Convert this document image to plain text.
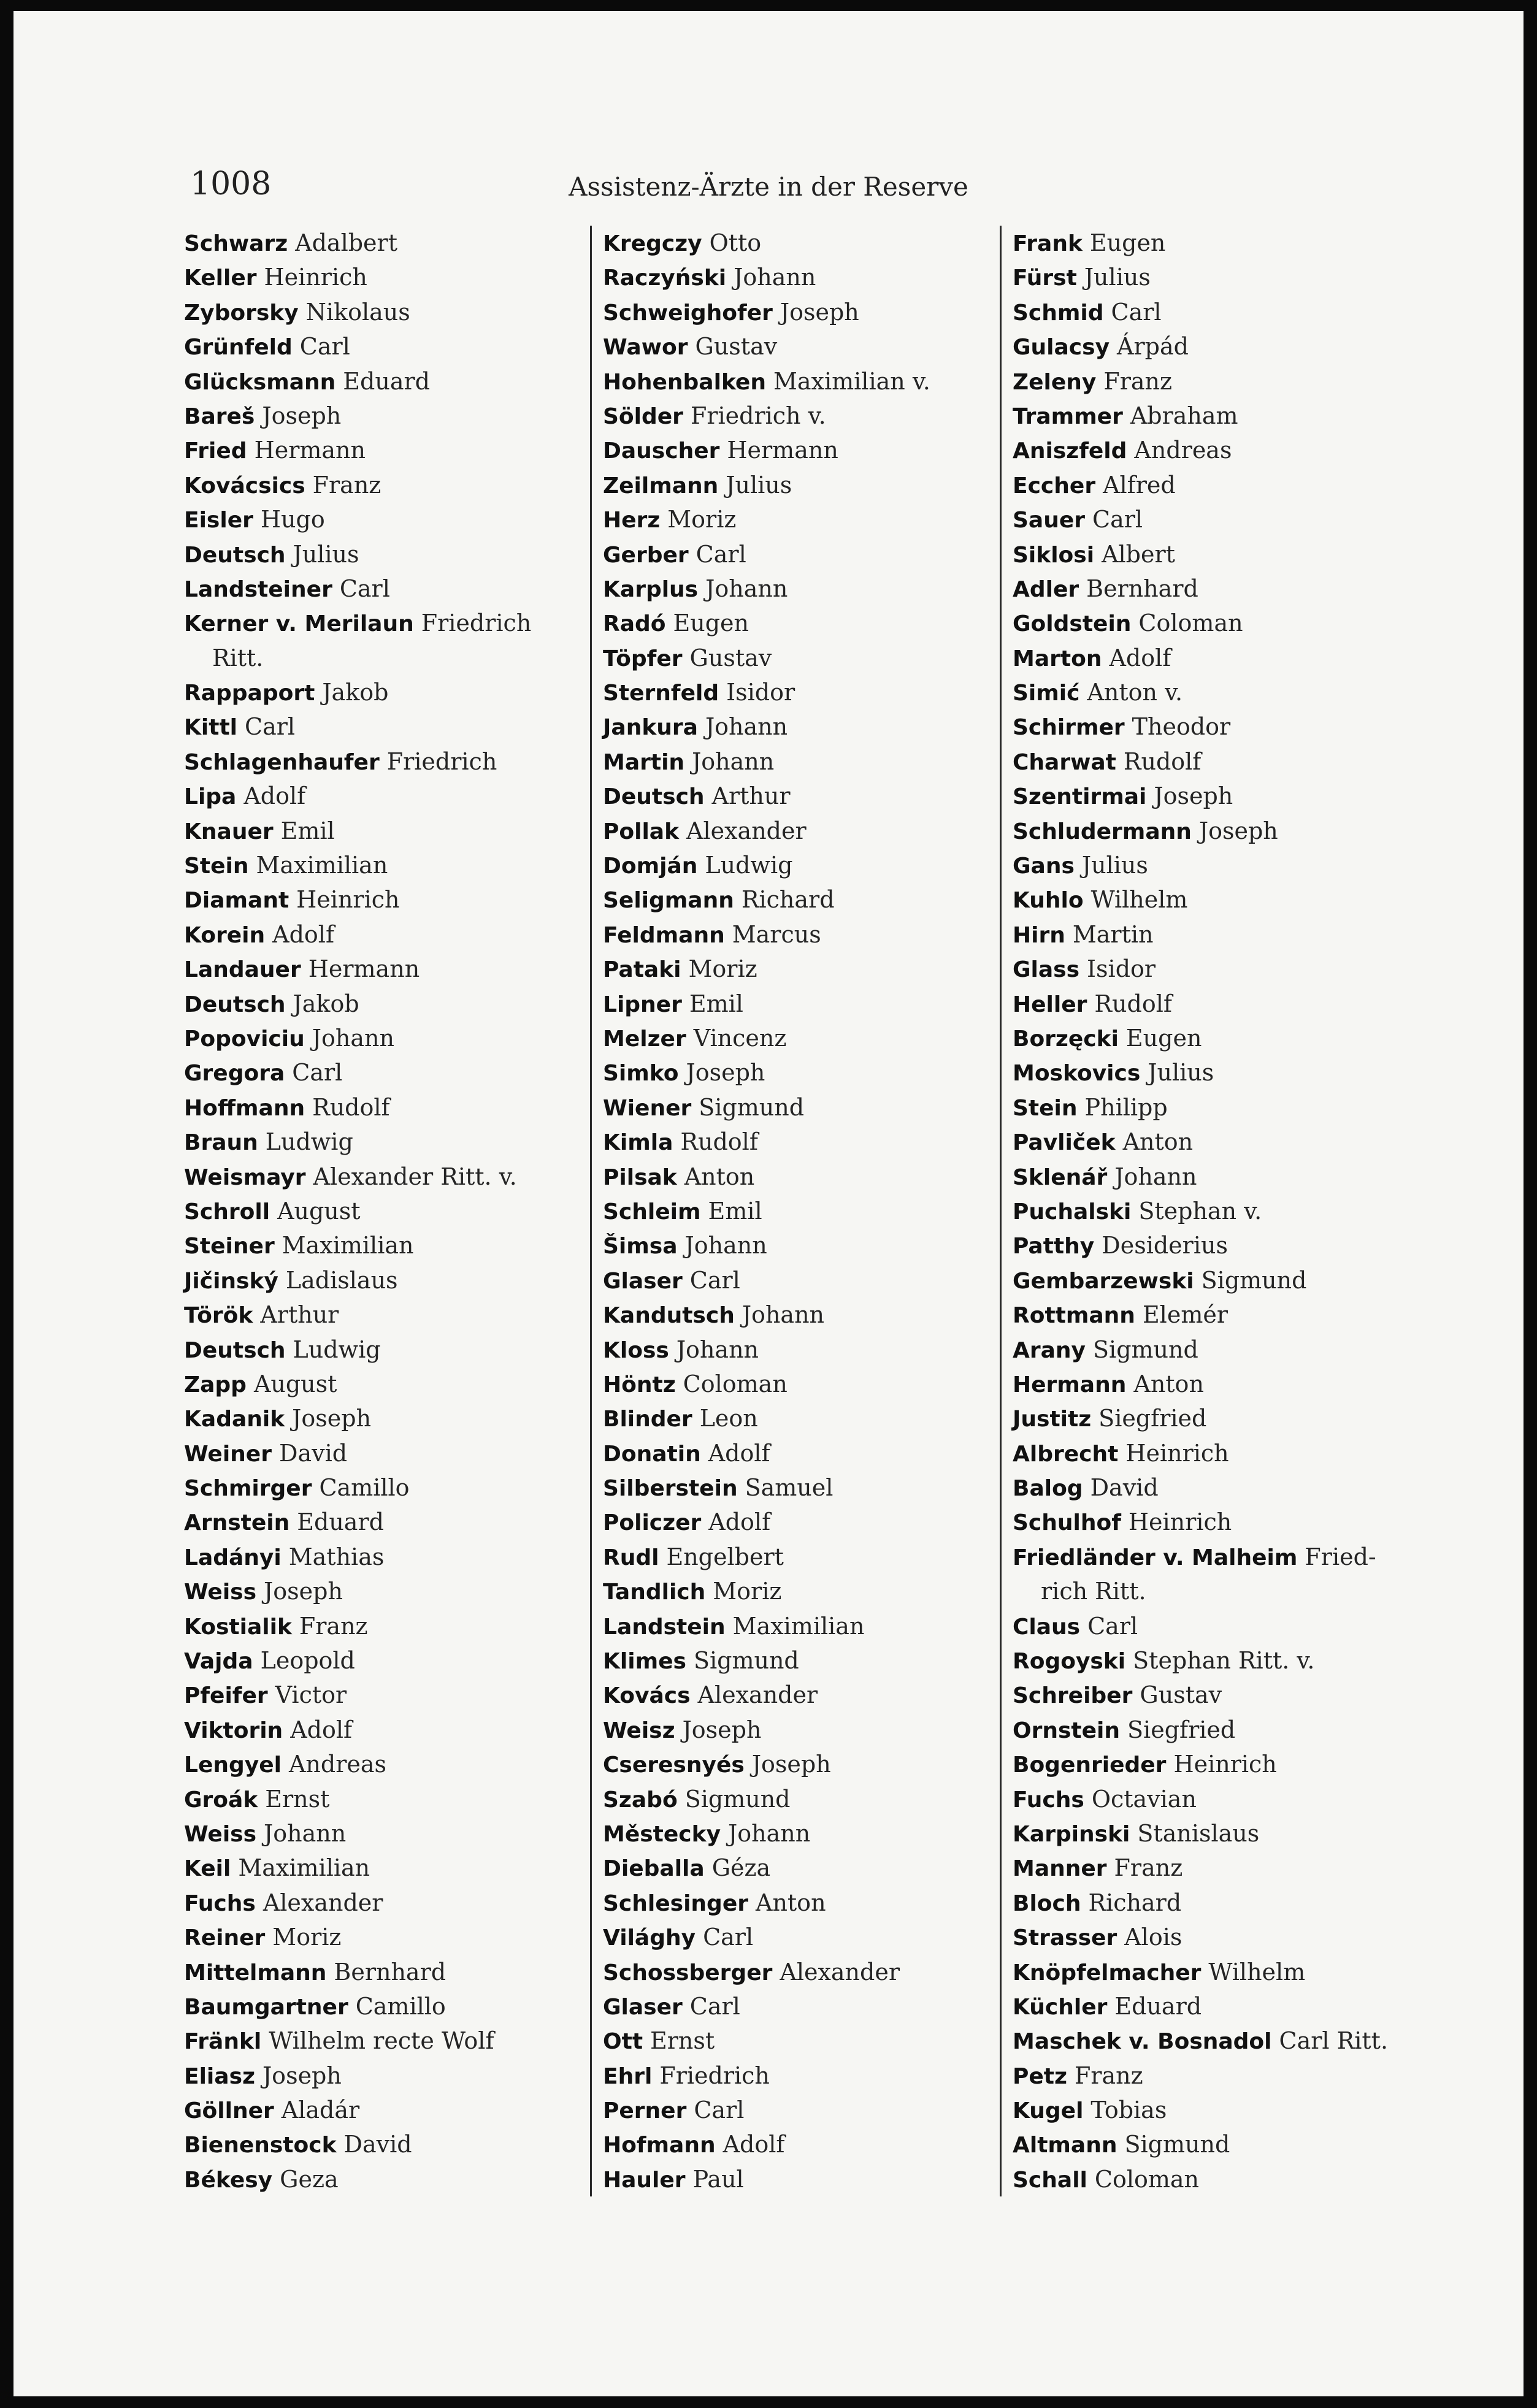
1008	Assistenz-Ärzte in der Reserve
Schwarz Adalbert
Keller Heinrich
Zyborsky Nikolaus
Grünfeld Carl
Glücksmann Eduard
Bareš Joseph
Fried Hermann
Kovácsics Franz
Eisler Hugo
Deutsch Julius
Landsteiner Carl
Kerner v. Merilaun Friedrich
Ritt.
Rappaport Jakob
Kittl Carl
Schlagenhaufer Friedrich
Lipa Adolf
Knauer Emil
Stein Maximilian
Diamant Heinrich
Korein Adolf
Landauer Hermann
Deutsch Jakob
Popoviciu Johann
Gregora Carl
Hoffmann Rudolf
Braun Ludwig
Weismayr Alexander Ritt. v.
Schroll August
Steiner Maximilian
Jičinský Ladislaus
Török Arthur
Deutsch Ludwig
Zapp August
Kadanik Joseph
Weiner David
Schmirger Camillo
Arnstein Eduard
Ladányi Mathias
Weiss Joseph
Kostialik Franz
Vajda Leopold
Pfeifer Victor
Viktorin Adolf
Lengyel Andreas
Groák Ernst
Weiss Johann
Keil Maximilian
Fuchs Alexander
Reiner Moriz
Mittelmann Bernhard
Baumgartner Camillo
Fränkl Wilhelm recte Wolf
Eliasz Joseph
Göllner Aladár
Bienenstock David
Békesy Geza
Kregczy Otto
Raczyński Johann
Schweighofer Joseph
Wawor Gustav
Hohenbalken Maximilian v.
Sölder Friedrich v.
Dauscher Hermann
Zeilmann Julius
Herz Moriz
Gerber Carl
Karplus Johann
Radó Eugen
Töpfer Gustav
Sternfeld Isidor
Jankura Johann
Martin Johann
Deutsch Arthur
Pollak Alexander
Domján Ludwig
Seligmann Richard
Feldmann Marcus
Pataki Moriz
Lipner Emil
Melzer Vincenz
Simko Joseph
Wiener Sigmund
Kimla Rudolf
Pilsak Anton
Schleim Emil
Šimsa Johann
Glaser Carl
Kandutsch Johann
Kloss Johann
Höntz Coloman
Blinder Leon
Donatin Adolf
Silberstein Samuel
Policzer Adolf
Rudl Engelbert
Tandlich Moriz
Landstein Maximilian
Klimes Sigmund
Kovács Alexander
Weisz Joseph
Cseresnyés Joseph
Szabó Sigmund
Městecky Johann
Dieballa Géza
Schlesinger Anton
Világhy Carl
Schossberger Alexander
Glaser Carl
Ott Ernst
Ehrl Friedrich
Perner Carl
Hofmann Adolf
Hauler Paul
Frank Eugen
Fürst Julius
Schmid Carl
Gulacsy Árpád
Zeleny Franz
Trammer Abraham
Aniszfeld Andreas
Eccher Alfred
Sauer Carl
Siklosi Albert
Adler Bernhard
Goldstein Coloman
Marton Adolf
Simić Anton v.
Schirmer Theodor
Charwat Rudolf
Szentirmai Joseph
Schludermann Joseph
Gans Julius
Kuhlo Wilhelm
Hirn Martin
Glass Isidor
Heller Rudolf
Borzęcki Eugen
Moskovics Julius
Stein Philipp
Pavliček Anton
Sklenář Johann
Puchalski Stephan v.
Patthy Desiderius
Gembarzewski Sigmund
Rottmann Elemér
Arany Sigmund
Hermann Anton
Justitz Siegfried
Albrecht Heinrich
Balog David
Schulhof Heinrich
Friedländer v. Malheim Fried-
rich Ritt.
Claus Carl
Rogoyski Stephan Ritt. v.
Schreiber Gustav
Ornstein Siegfried
Bogenrieder Heinrich
Fuchs Octavian
Karpinski Stanislaus
Manner Franz
Bloch Richard
Strasser Alois
Knöpfelmacher Wilhelm
Küchler Eduard
Maschek v. Bosnadol Carl Ritt.
Petz Franz
Kugel Tobias
Altmann Sigmund
Schall Coloman
